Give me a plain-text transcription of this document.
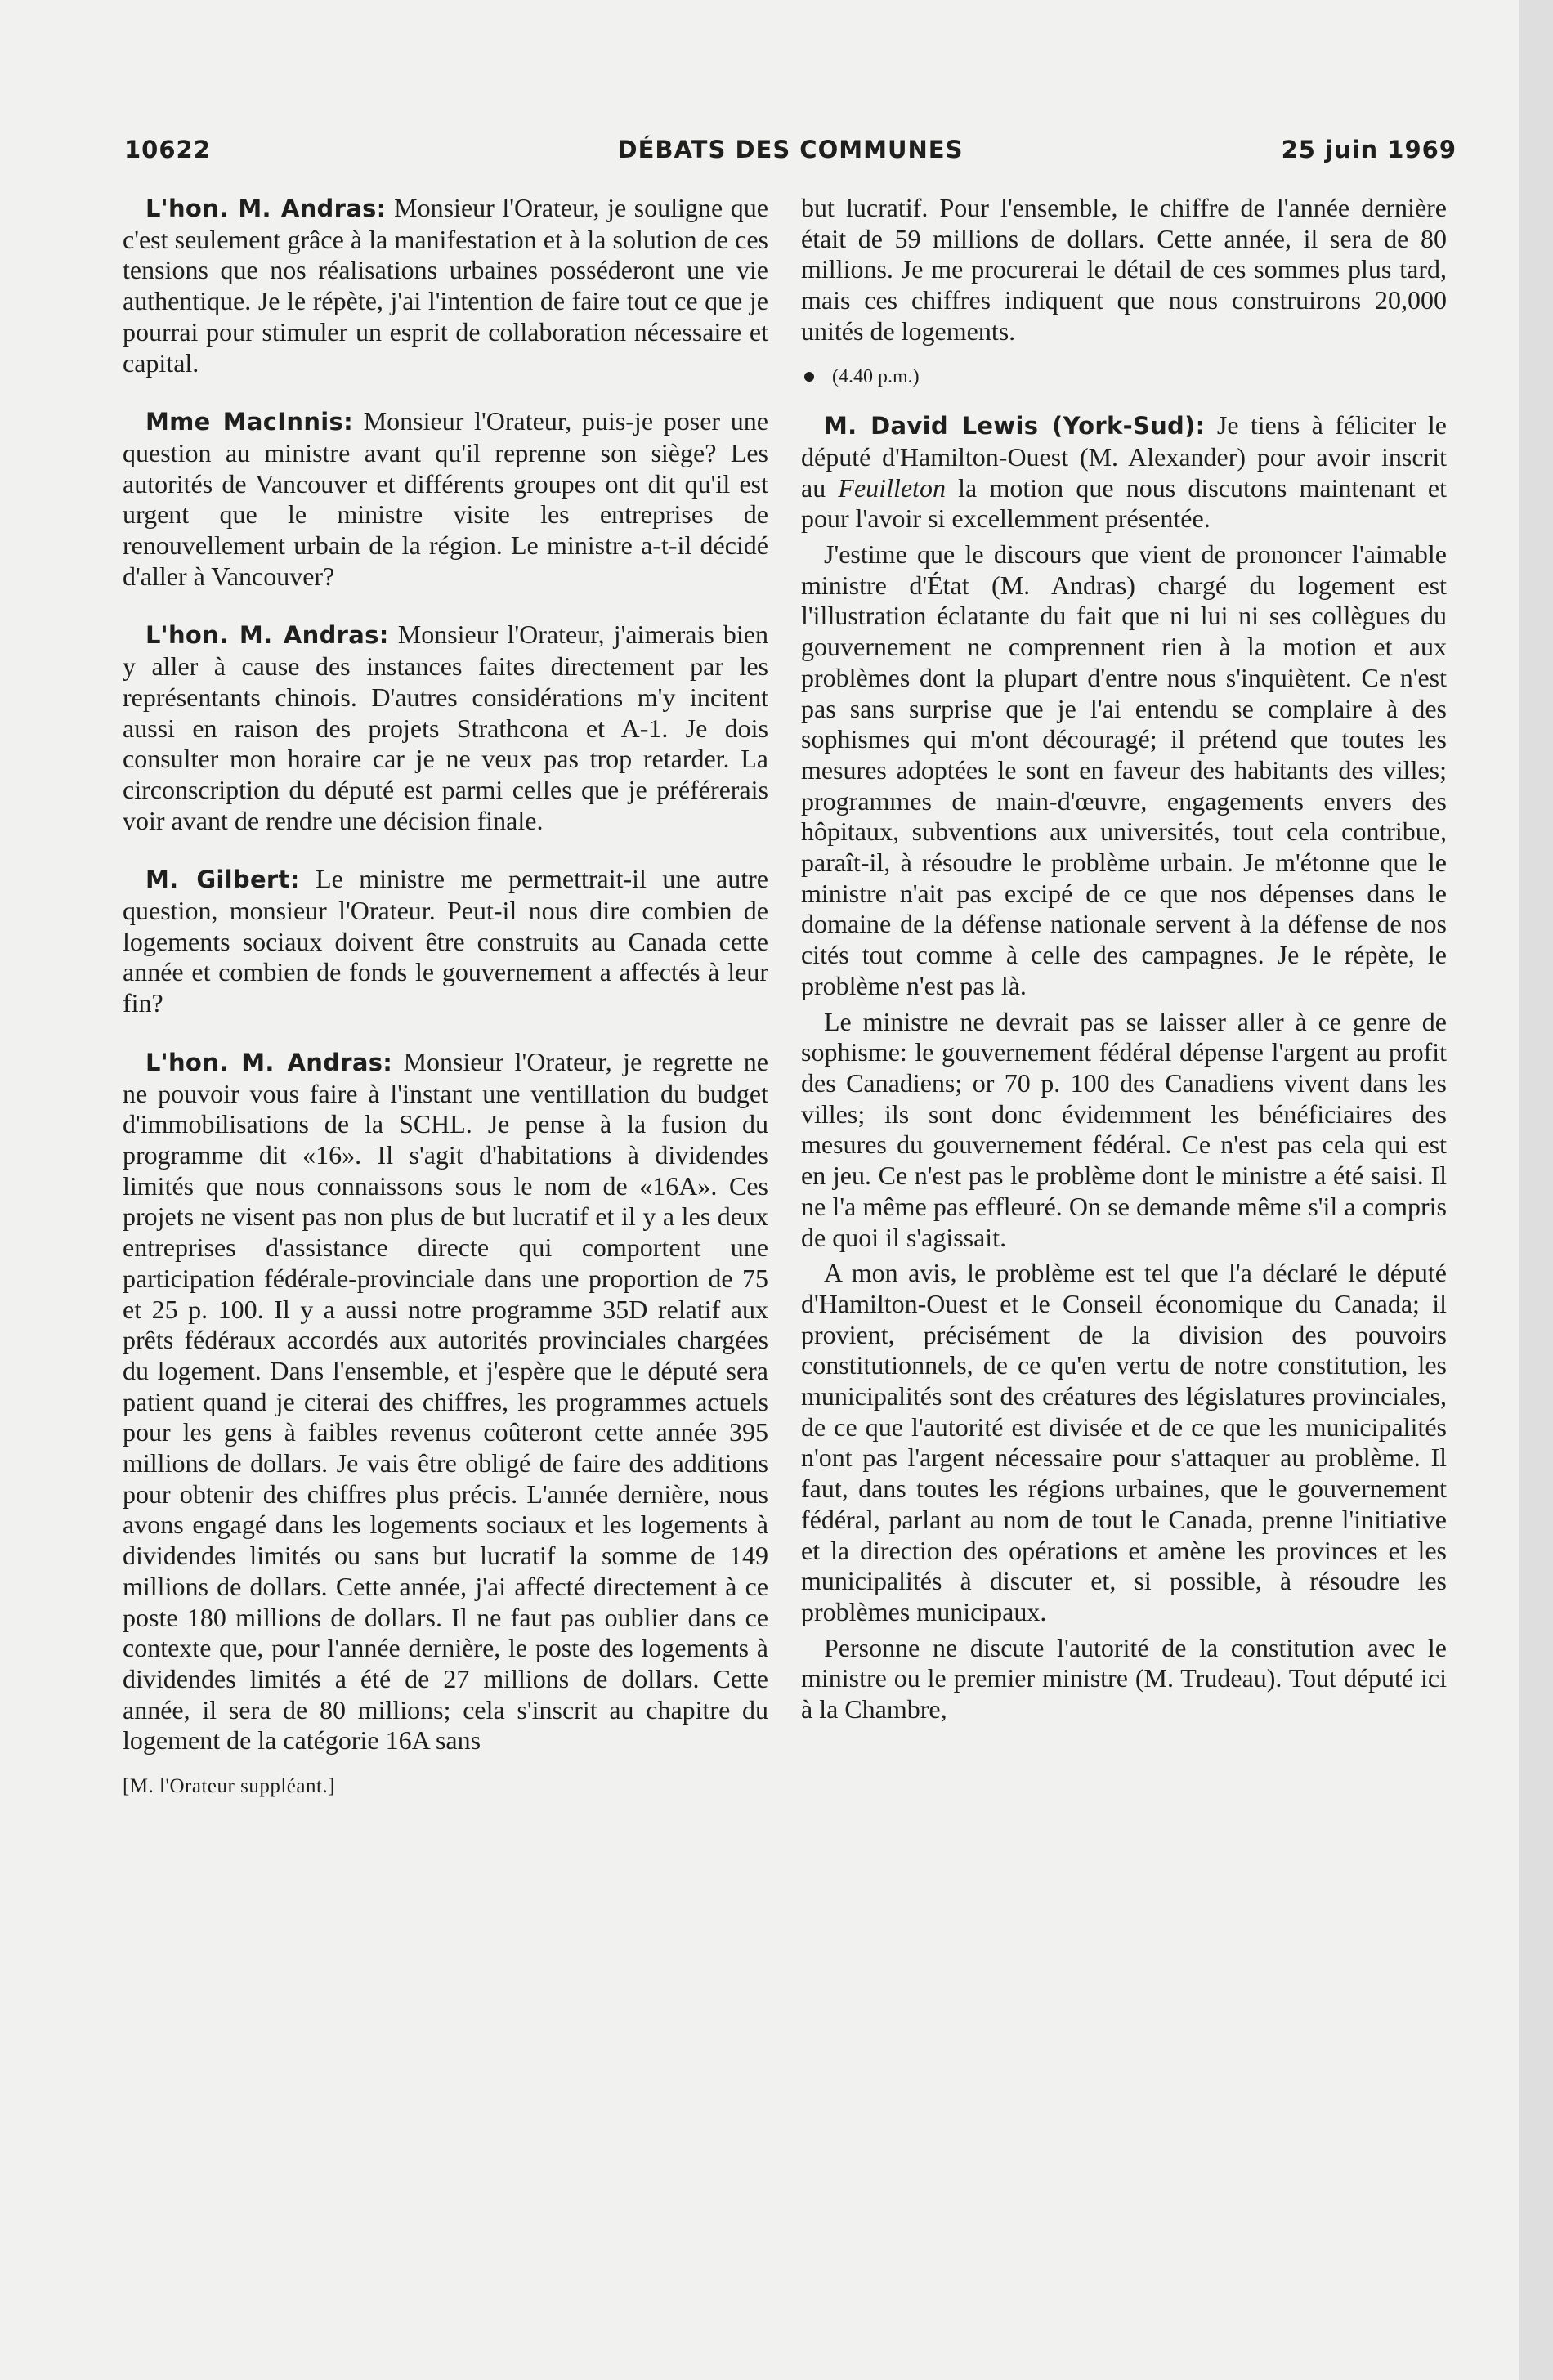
10622	DÉBATS DES COMMUNES	25 juin 1969

L'hon. M. Andras: Monsieur l'Orateur, je souligne que c'est seulement grâce à la manifestation et à la solution de ces tensions que nos réalisations urbaines posséderont une vie authentique. Je le répète, j'ai l'intention de faire tout ce que je pourrai pour stimuler un esprit de collaboration nécessaire et capital.

Mme MacInnis: Monsieur l'Orateur, puis-je poser une question au ministre avant qu'il reprenne son siège? Les autorités de Vancouver et différents groupes ont dit qu'il est urgent que le ministre visite les entreprises de renouvellement urbain de la région. Le ministre a-t-il décidé d'aller à Vancouver?

L'hon. M. Andras: Monsieur l'Orateur, j'aimerais bien y aller à cause des instances faites directement par les représentants chinois. D'autres considérations m'y incitent aussi en raison des projets Strathcona et A-1. Je dois consulter mon horaire car je ne veux pas trop retarder. La circonscription du député est parmi celles que je préférerais voir avant de rendre une décision finale.

M. Gilbert: Le ministre me permettrait-il une autre question, monsieur l'Orateur. Peut-il nous dire combien de logements sociaux doivent être construits au Canada cette année et combien de fonds le gouvernement a affectés à leur fin?

L'hon. M. Andras: Monsieur l'Orateur, je regrette ne ne pouvoir vous faire à l'instant une ventillation du budget d'immobilisations de la SCHL. Je pense à la fusion du programme dit «16». Il s'agit d'habitations à dividendes limités que nous connaissons sous le nom de «16A». Ces projets ne visent pas non plus de but lucratif et il y a les deux entreprises d'assistance directe qui comportent une participation fédérale-provinciale dans une proportion de 75 et 25 p. 100. Il y a aussi notre programme 35D relatif aux prêts fédéraux accordés aux autorités provinciales chargées du logement. Dans l'ensemble, et j'espère que le député sera patient quand je citerai des chiffres, les programmes actuels pour les gens à faibles revenus coûteront cette année 395 millions de dollars. Je vais être obligé de faire des additions pour obtenir des chiffres plus précis. L'année dernière, nous avons engagé dans les logements sociaux et les logements à dividendes limités ou sans but lucratif la somme de 149 millions de dollars. Cette année, j'ai affecté directement à ce poste 180 millions de dollars. Il ne faut pas oublier dans ce contexte que, pour l'année dernière, le poste des logements à dividendes limités a été de 27 millions de dollars. Cette année, il sera de 80 millions; cela s'inscrit au chapitre du logement de la catégorie 16A sans

[M. l'Orateur suppléant.]

but lucratif. Pour l'ensemble, le chiffre de l'année dernière était de 59 millions de dollars. Cette année, il sera de 80 millions. Je me procurerai le détail de ces sommes plus tard, mais ces chiffres indiquent que nous construirons 20,000 unités de logements.

(4.40 p.m.)

M. David Lewis (York-Sud): Je tiens à féliciter le député d'Hamilton-Ouest (M. Alexander) pour avoir inscrit au Feuilleton la motion que nous discutons maintenant et pour l'avoir si excellemment présentée.

J'estime que le discours que vient de prononcer l'aimable ministre d'État (M. Andras) chargé du logement est l'illustration éclatante du fait que ni lui ni ses collègues du gouvernement ne comprennent rien à la motion et aux problèmes dont la plupart d'entre nous s'inquiètent. Ce n'est pas sans surprise que je l'ai entendu se complaire à des sophismes qui m'ont découragé; il prétend que toutes les mesures adoptées le sont en faveur des habitants des villes; programmes de main-d'œuvre, engagements envers des hôpitaux, subventions aux universités, tout cela contribue, paraît-il, à résoudre le problème urbain. Je m'étonne que le ministre n'ait pas excipé de ce que nos dépenses dans le domaine de la défense nationale servent à la défense de nos cités tout comme à celle des campagnes. Je le répète, le problème n'est pas là.

Le ministre ne devrait pas se laisser aller à ce genre de sophisme: le gouvernement fédéral dépense l'argent au profit des Canadiens; or 70 p. 100 des Canadiens vivent dans les villes; ils sont donc évidemment les bénéficiaires des mesures du gouvernement fédéral. Ce n'est pas cela qui est en jeu. Ce n'est pas le problème dont le ministre a été saisi. Il ne l'a même pas effleuré. On se demande même s'il a compris de quoi il s'agissait.

A mon avis, le problème est tel que l'a déclaré le député d'Hamilton-Ouest et le Conseil économique du Canada; il provient, précisément de la division des pouvoirs constitutionnels, de ce qu'en vertu de notre constitution, les municipalités sont des créatures des législatures provinciales, de ce que l'autorité est divisée et de ce que les municipalités n'ont pas l'argent nécessaire pour s'attaquer au problème. Il faut, dans toutes les régions urbaines, que le gouvernement fédéral, parlant au nom de tout le Canada, prenne l'initiative et la direction des opérations et amène les provinces et les municipalités à discuter et, si possible, à résoudre les problèmes municipaux.

Personne ne discute l'autorité de la constitution avec le ministre ou le premier ministre (M. Trudeau). Tout député ici à la Chambre,
